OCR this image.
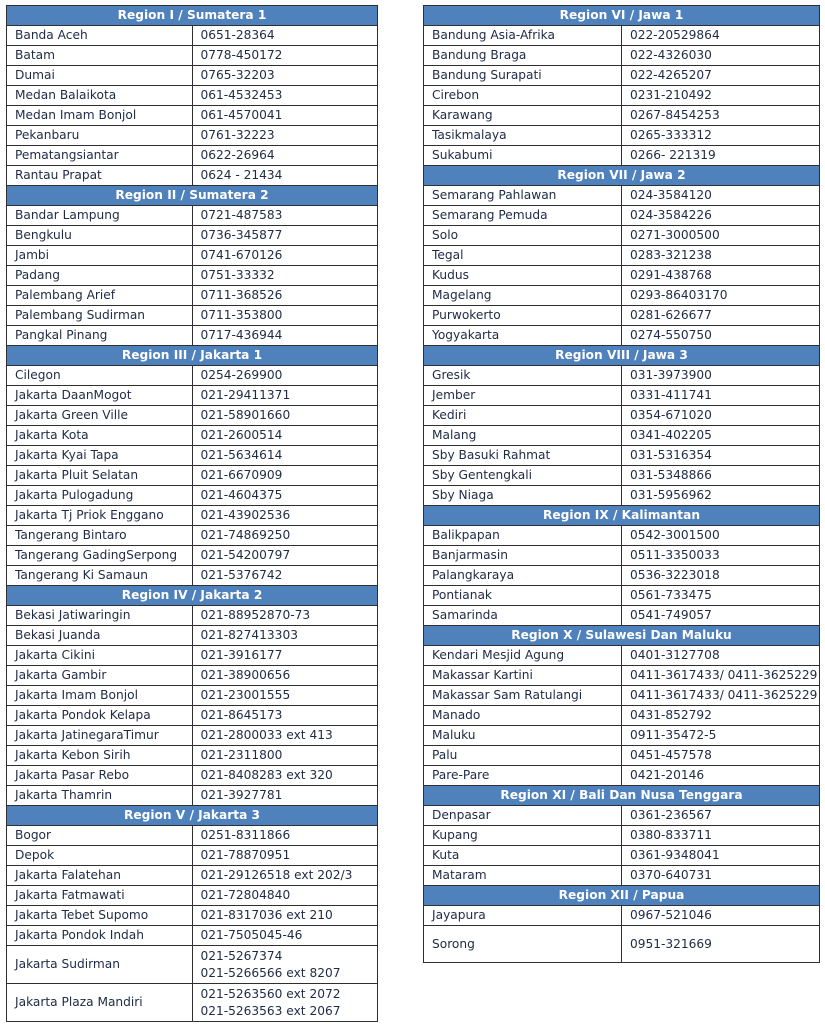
Region I / Sumatera 1	
Banda Aceh	0651-28364

Batam	0778-450172

Dumai	0765-32203

Medan Balaikota	061-4532453

Medan Imam Bonjol	061-4570041

Pekanbaru	0761-32223

Pematangsiantar	0622-26964

Rantau Prapat	0624 - 21434

Region II / Sumatera 2	
Bandar Lampung	0721-487583

Bengkulu	0736-345877

Jambi	0741-670126

Padang	0751-33332

Palembang Arief	0711-368526

Palembang Sudirman	0711-353800

Pangkal Pinang	0717-436944

Region III / Jakarta 1	
Cilegon	0254-269900

Jakarta DaanMogot	021-29411371

Jakarta Green Ville	021-58901660

Jakarta Kota	021-2600514

Jakarta Kyai Tapa	021-5634614

Jakarta Pluit Selatan	021-6670909

Jakarta Pulogadung	021-4604375

Jakarta Tj Priok Enggano	021-43902536

Tangerang Bintaro	021-74869250

Tangerang GadingSerpong	021-54200797

Tangerang Ki Samaun	021-5376742

Region IV / Jakarta 2	
Bekasi Jatiwaringin	021-88952870-73

Bekasi Juanda	021-827413303

Jakarta Cikini	021-3916177

Jakarta Gambir	021-38900656

Jakarta Imam Bonjol	021-23001555

Jakarta Pondok Kelapa	021-8645173

Jakarta JatinegaraTimur	021-2800033 ext 413

Jakarta Kebon Sirih	021-2311800

Jakarta Pasar Rebo	021-8408283 ext 320

Jakarta Thamrin	021-3927781

Region V / Jakarta 3	
Bogor	0251-8311866

Depok	021-78870951

Jakarta Falatehan	021-29126518 ext 202/3

Jakarta Fatmawati	021-72804840

Jakarta Tebet Supomo	021-8317036 ext 210

Jakarta Pondok Indah	021-7505045-46

Jakarta Sudirman	021-5267374
021-5266566 ext 8207

Jakarta Plaza Mandiri	021-5263560 ext 2072
021-5263563 ext 2067
Region VI / Jawa 1	
Bandung Asia-Afrika	022-20529864

Bandung Braga	022-4326030

Bandung Surapati	022-4265207

Cirebon	0231-210492

Karawang	0267-8454253

Tasikmalaya	0265-333312

Sukabumi	0266- 221319

Region VII / Jawa 2	
Semarang Pahlawan	024-3584120

Semarang Pemuda	024-3584226

Solo	0271-3000500

Tegal	0283-321238

Kudus	0291-438768

Magelang	0293-86403170

Purwokerto	0281-626677

Yogyakarta	0274-550750

Region VIII / Jawa 3	
Gresik	031-3973900

Jember	0331-411741

Kediri	0354-671020

Malang	0341-402205

Sby Basuki Rahmat	031-5316354

Sby Gentengkali	031-5348866

Sby Niaga	031-5956962

Region IX / Kalimantan	
Balikpapan	0542-3001500

Banjarmasin	0511-3350033

Palangkaraya	0536-3223018

Pontianak	0561-733475

Samarinda	0541-749057

Region X / Sulawesi Dan Maluku	
Kendari Mesjid Agung	0401-3127708

Makassar Kartini	0411-3617433/ 0411-3625229

Makassar Sam Ratulangi	0411-3617433/ 0411-3625229

Manado	0431-852792

Maluku	0911-35472-5

Palu	0451-457578

Pare-Pare	0421-20146

Region XI / Bali Dan Nusa Tenggara	
Denpasar	0361-236567

Kupang	0380-833711

Kuta	0361-9348041

Mataram	0370-640731

Region XII / Papua	
Jayapura	0967-521046

Sorong	0951-321669
